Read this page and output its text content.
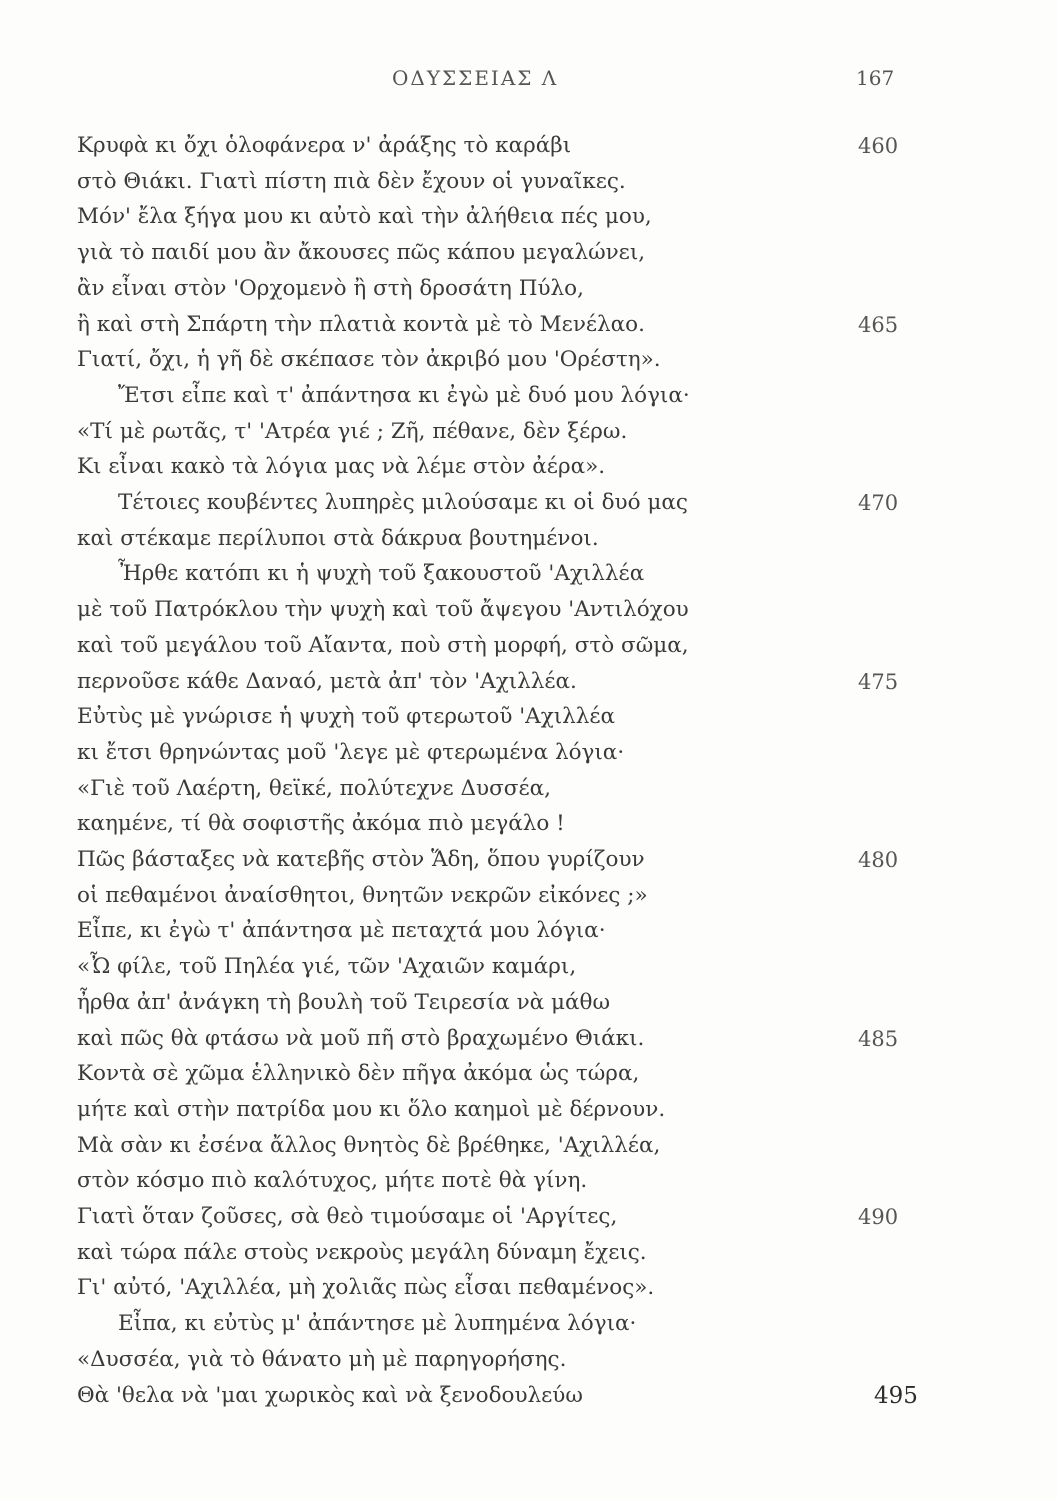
ΟΔΥΣΣΕΙΑΣ Λ	167
Κρυφὰ κι ὄχι ὁλοφάνερα ν' ἀράξης τὸ καράβι	460
στὸ Θιάκι. Γιατὶ πίστη πιὰ δὲν ἔχουν οἱ γυναῖκες.
Μόν' ἔλα ξήγα μου κι αὐτὸ καὶ τὴν ἀλήθεια πές μου,
γιὰ τὸ παιδί μου ἂν ἄκουσες πῶς κάπου μεγαλώνει,
ἂν εἶναι στὸν 'Ορχομενὸ ἢ στὴ δροσάτη Πύλο,
ἢ καὶ στὴ Σπάρτη τὴν πλατιὰ κοντὰ μὲ τὸ Μενέλαο.	465
Γιατί, ὄχι, ἡ γῆ δὲ σκέπασε τὸν ἀκριβό μου 'Ορέστη».
Ἔτσι εἶπε καὶ τ' ἀπάντησα κι ἐγὼ μὲ δυό μου λόγια·
«Τί μὲ ρωτᾶς, τ' 'Ατρέα γιέ ; Ζῆ, πέθανε, δὲν ξέρω.
Κι εἶναι κακὸ τὰ λόγια μας νὰ λέμε στὸν ἀέρα».
Τέτοιες κουβέντες λυπηρὲς μιλούσαμε κι οἱ δυό μας	470
καὶ στέκαμε περίλυποι στὰ δάκρυα βουτημένοι.
Ἦρθε κατόπι κι ἡ ψυχὴ τοῦ ξακουστοῦ 'Αχιλλέα
μὲ τοῦ Πατρόκλου τὴν ψυχὴ καὶ τοῦ ἄψεγου 'Αντιλόχου
καὶ τοῦ μεγάλου τοῦ Αἴαντα, ποὺ στὴ μορφή, στὸ σῶμα,
περνοῦσε κάθε Δαναό, μετὰ ἀπ' τὸν 'Αχιλλέα.	475
Εὐτὺς μὲ γνώρισε ἡ ψυχὴ τοῦ φτερωτοῦ 'Αχιλλέα
κι ἔτσι θρηνώντας μοῦ 'λεγε μὲ φτερωμένα λόγια·
«Γιὲ τοῦ Λαέρτη, θεϊκέ, πολύτεχνε Δυσσέα,
καημένε, τί θὰ σοφιστῆς ἀκόμα πιὸ μεγάλο !
Πῶς βάσταξες νὰ κατεβῆς στὸν Ἅδη, ὅπου γυρίζουν	480
οἱ πεθαμένοι ἀναίσθητοι, θνητῶν νεκρῶν εἰκόνες ;»
Εἶπε, κι ἐγὼ τ' ἀπάντησα μὲ πεταχτά μου λόγια·
«Ὦ φίλε, τοῦ Πηλέα γιέ, τῶν 'Αχαιῶν καμάρι,
ἦρθα ἀπ' ἀνάγκη τὴ βουλὴ τοῦ Τειρεσία νὰ μάθω
καὶ πῶς θὰ φτάσω νὰ μοῦ πῆ στὸ βραχωμένο Θιάκι.	485
Κοντὰ σὲ χῶμα ἑλληνικὸ δὲν πῆγα ἀκόμα ὡς τώρα,
μήτε καὶ στὴν πατρίδα μου κι ὅλο καημοὶ μὲ δέρνουν.
Μὰ σὰν κι ἐσένα ἄλλος θνητὸς δὲ βρέθηκε, 'Αχιλλέα,
στὸν κόσμο πιὸ καλότυχος, μήτε ποτὲ θὰ γίνη.
Γιατὶ ὅταν ζοῦσες, σὰ θεὸ τιμούσαμε οἱ 'Αργίτες,	490
καὶ τώρα πάλε στοὺς νεκροὺς μεγάλη δύναμη ἔχεις.
Γι' αὐτό, 'Αχιλλέα, μὴ χολιᾶς πὼς εἶσαι πεθαμένος».
Εἶπα, κι εὐτὺς μ' ἀπάντησε μὲ λυπημένα λόγια·
«Δυσσέα, γιὰ τὸ θάνατο μὴ μὲ παρηγορήσης.
Θὰ 'θελα νὰ 'μαι χωρικὸς καὶ νὰ ξενοδουλεύω	495
